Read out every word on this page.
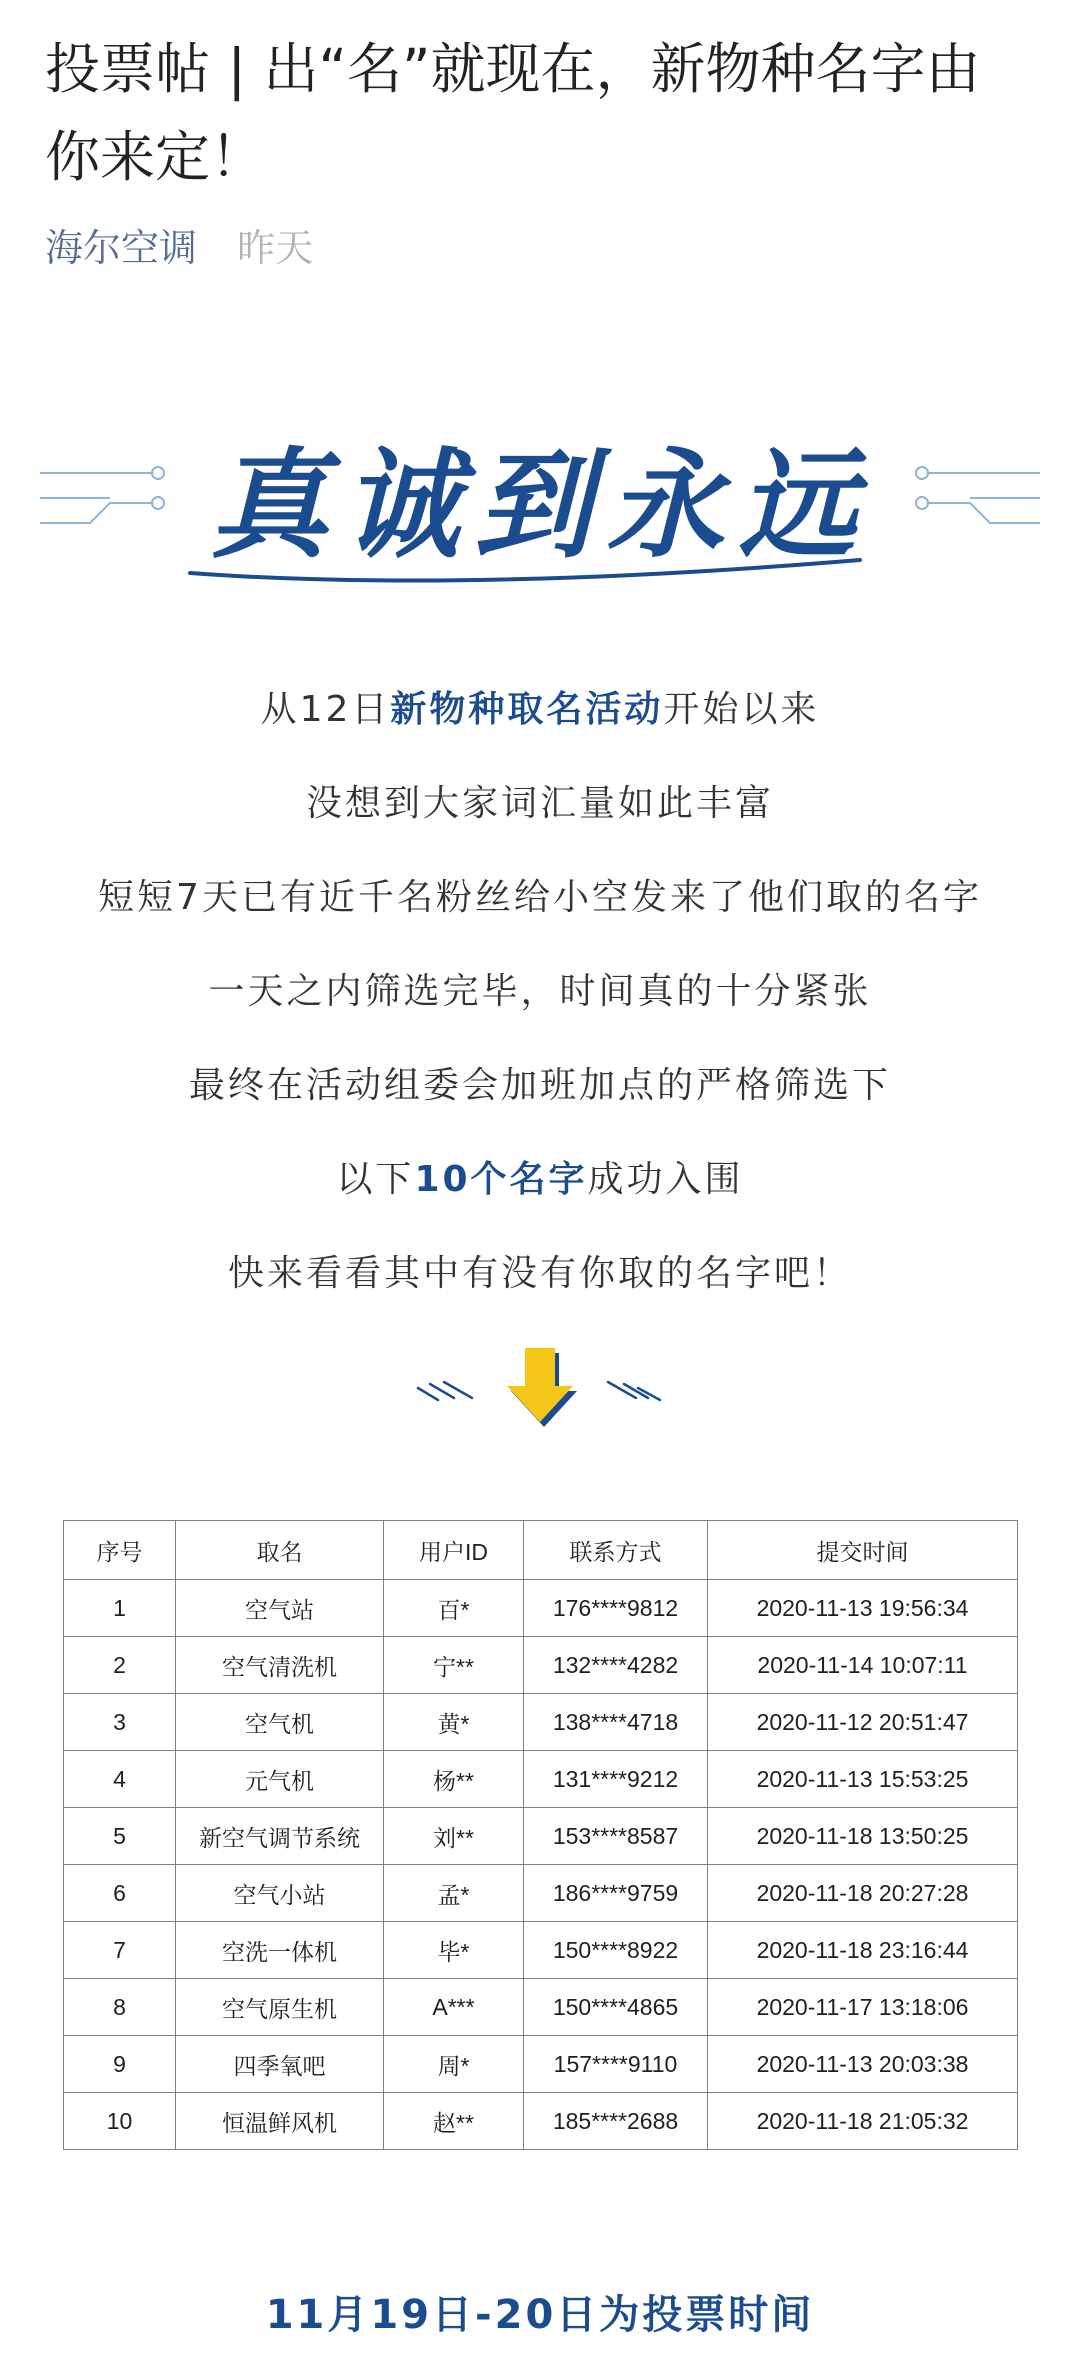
投票帖 | 出“名”就现在，新物种名字由你来定！
海尔空调 昨天
真诚到永远

从12日新物种取名活动开始以来

没想到大家词汇量如此丰富

短短7天已有近千名粉丝给小空发来了他们取的名字

一天之内筛选完毕，时间真的十分紧张

最终在活动组委会加班加点的严格筛选下

以下10个名字成功入围

快来看看其中有没有你取的名字吧！

序号	取名	用户ID	联系方式	提交时间
1	空气站	百*	176****9812	2020-11-13 19:56:34
2	空气清洗机	宁**	132****4282	2020-11-14 10:07:11
3	空气机	黄*	138****4718	2020-11-12 20:51:47
4	元气机	杨**	131****9212	2020-11-13 15:53:25
5	新空气调节系统	刘**	153****8587	2020-11-18 13:50:25
6	空气小站	孟*	186****9759	2020-11-18 20:27:28
7	空洗一体机	毕*	150****8922	2020-11-18 23:16:44
8	空气原生机	A***	150****4865	2020-11-17 13:18:06
9	四季氧吧	周*	157****9110	2020-11-13 20:03:38
10	恒温鲜风机	赵**	185****2688	2020-11-18 21:05:32
11月19日-20日为投票时间
